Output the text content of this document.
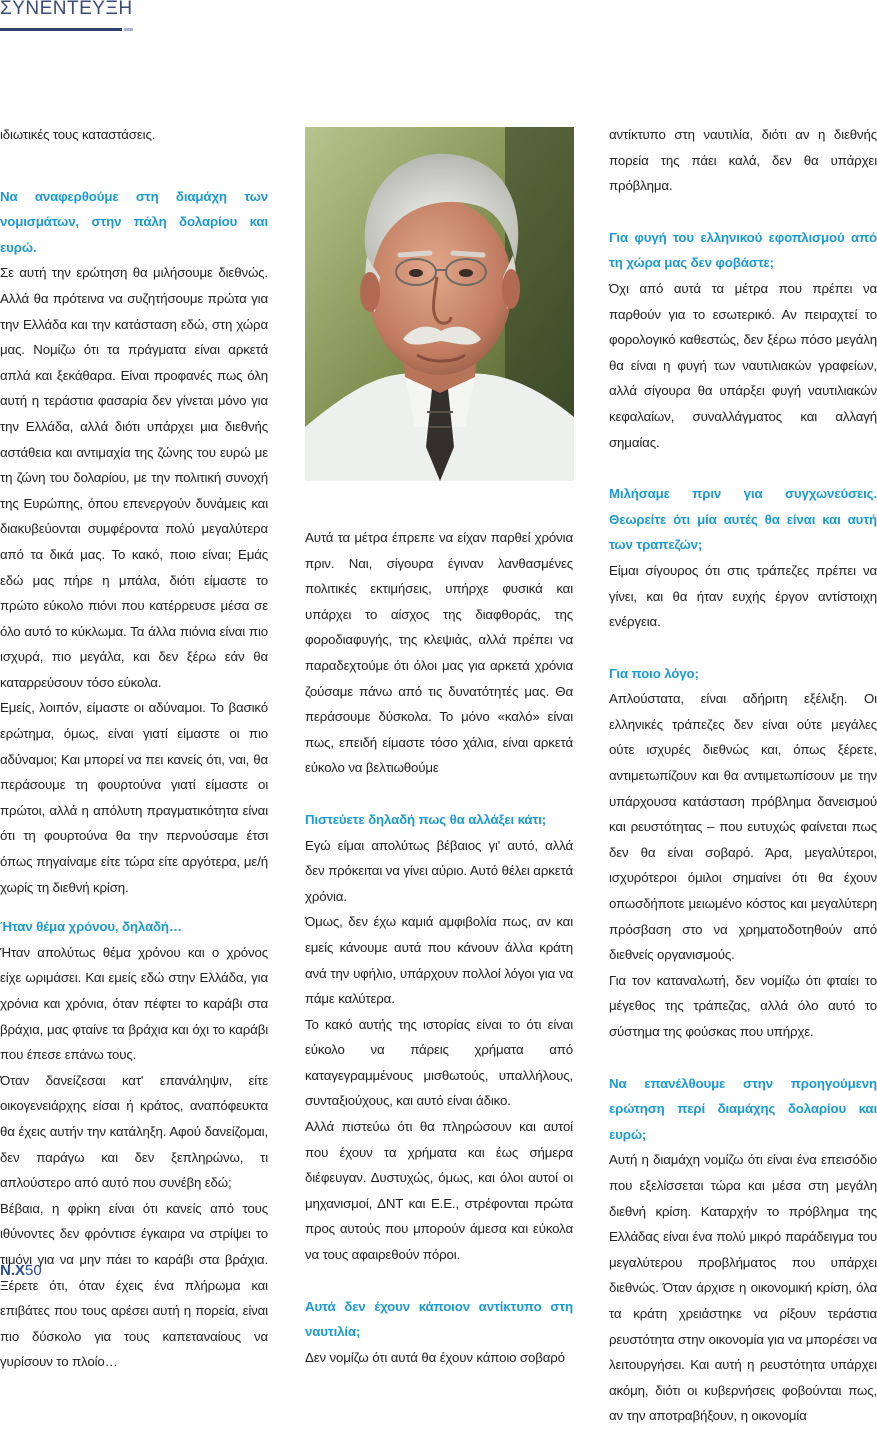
ΣΥΝΕΝΤΕΥΞΗ

ιδιωτικές τους καταστάσεις.

Να αναφερθούμε στη διαμάχη των νομισμάτων, στην πάλη δολαρίου και ευρώ.

Σε αυτή την ερώτηση θα μιλήσουμε διεθνώς. Αλλά θα πρότεινα να συζητήσουμε πρώτα για την Ελλάδα και την κατάσταση εδώ, στη χώρα μας. Νομίζω ότι τα πράγματα είναι αρκετά απλά και ξεκάθαρα. Είναι προφανές πως όλη αυτή η τεράστια φασαρία δεν γίνεται μόνο για την Ελλάδα, αλλά διότι υπάρχει μια διεθνής αστάθεια και αντιμαχία της ζώνης του ευρώ με τη ζώνη του δολαρίου, με την πολιτική συνοχή της Ευρώπης, όπου επενεργούν δυνάμεις και διακυβεύονται συμφέροντα πολύ μεγαλύτερα από τα δικά μας. Το κακό, ποιο είναι; Εμάς εδώ μας πήρε η μπάλα, διότι είμαστε το πρώτο εύκολο πιόνι που κατέρρευσε μέσα σε όλο αυτό το κύκλωμα. Τα άλλα πιόνια είναι πιο ισχυρά, πιο μεγάλα, και δεν ξέρω εάν θα καταρρεύσουν τόσο εύκολα.

Εμείς, λοιπόν, είμαστε οι αδύναμοι. Το βασικό ερώτημα, όμως, είναι γιατί είμαστε οι πιο αδύναμοι; Και μπορεί να πει κανείς ότι, ναι, θα περάσουμε τη φουρτούνα γιατί είμαστε οι πρώτοι, αλλά η απόλυτη πραγματικότητα είναι ότι τη φουρτούνα θα την περνούσαμε έτσι όπως πηγαίναμε είτε τώρα είτε αργότερα, με/ή χωρίς τη διεθνή κρίση.

Ήταν θέμα χρόνου, δηλαδή…

Ήταν απολύτως θέμα χρόνου και ο χρόνος είχε ωριμάσει. Και εμείς εδώ στην Ελλάδα, για χρόνια και χρόνια, όταν πέφτει το καράβι στα βράχια, μας φταίνε τα βράχια και όχι το καράβι που έπεσε επάνω τους.

Όταν δανείζεσαι κατ' επανάληψιν, είτε οικογενειάρχης είσαι ή κράτος, αναπόφευκτα θα έχεις αυτήν την κατάληξη. Αφού δανείζομαι, δεν παράγω και δεν ξεπληρώνω, τι απλούστερο από αυτό που συνέβη εδώ;

Βέβαια, η φρίκη είναι ότι κανείς από τους ιθύνοντες δεν φρόντισε έγκαιρα να στρίψει το τιμόνι για να μην πάει το καράβι στα βράχια. Ξέρετε ότι, όταν έχεις ένα πλήρωμα και επιβάτες που τους αρέσει αυτή η πορεία, είναι πιο δύσκολο για τους καπεταναίους να γυρίσουν το πλοίο…

Αυτά τα μέτρα έπρεπε να είχαν παρθεί χρόνια πριν. Ναι, σίγουρα έγιναν λανθασμένες πολιτικές εκτιμήσεις, υπήρχε φυσικά και υπάρχει το αίσχος της διαφθοράς, της φοροδιαφυγής, της κλεψιάς, αλλά πρέπει να παραδεχτούμε ότι όλοι μας για αρκετά χρόνια ζούσαμε πάνω από τις δυνατότητές μας. Θα περάσουμε δύσκολα. Το μόνο «καλό» είναι πως, επειδή είμαστε τόσο χάλια, είναι αρκετά εύκολο να βελτιωθούμε

Πιστεύετε δηλαδή πως θα αλλάξει κάτι;

Εγώ είμαι απολύτως βέβαιος γι' αυτό, αλλά δεν πρόκειται να γίνει αύριο. Αυτό θέλει αρκετά χρόνια.

Όμως, δεν έχω καμιά αμφιβολία πως, αν και εμείς κάνουμε αυτά που κάνουν άλλα κράτη ανά την υφήλιο, υπάρχουν πολλοί λόγοι για να πάμε καλύτερα.

Το κακό αυτής της ιστορίας είναι το ότι είναι εύκολο να πάρεις χρήματα από καταγεγραμμένους μισθωτούς, υπαλλήλους, συνταξιούχους, και αυτό είναι άδικο.

Αλλά πιστεύω ότι θα πληρώσουν και αυτοί που έχουν τα χρήματα και έως σήμερα διέφευγαν. Δυστυχώς, όμως, και όλοι αυτοί οι μηχανισμοί, ΔΝΤ και Ε.Ε., στρέφονται πρώτα προς αυτούς που μπορούν άμεσα και εύκολα να τους αφαιρεθούν πόροι.

Αυτά δεν έχουν κάποιον αντίκτυπο στη ναυτιλία;

Δεν νομίζω ότι αυτά θα έχουν κάποιο σοβαρό

αντίκτυπο στη ναυτιλία, διότι αν η διεθνής πορεία της πάει καλά, δεν θα υπάρχει πρόβλημα.

Για φυγή του ελληνικού εφοπλισμού από τη χώρα μας δεν φοβάστε;

Όχι από αυτά τα μέτρα που πρέπει να παρθούν για το εσωτερικό. Αν πειραχτεί το φορολογικό καθεστώς, δεν ξέρω πόσο μεγάλη θα είναι η φυγή των ναυτιλιακών γραφείων, αλλά σίγουρα θα υπάρξει φυγή ναυτιλιακών κεφαλαίων, συναλλάγματος και αλλαγή σημαίας.

Μιλήσαμε πριν για συγχωνεύσεις. Θεωρείτε ότι μία αυτές θα είναι και αυτή των τραπεζών;

Είμαι σίγουρος ότι στις τράπεζες πρέπει να γίνει, και θα ήταν ευχής έργον αντίστοιχη ενέργεια.

Για ποιο λόγο;

Απλούστατα, είναι αδήριτη εξέλιξη. Οι ελληνικές τράπεζες δεν είναι ούτε μεγάλες ούτε ισχυρές διεθνώς και, όπως ξέρετε, αντιμετωπίζουν και θα αντιμετωπίσουν με την υπάρχουσα κατάσταση πρόβλημα δανεισμού και ρευστότητας – που ευτυχώς φαίνεται πως δεν θα είναι σοβαρό. Άρα, μεγαλύτεροι, ισχυρότεροι όμιλοι σημαίνει ότι θα έχουν οπωσδήποτε μειωμένο κόστος και μεγαλύτερη πρόσβαση στο να χρηματοδοτηθούν από διεθνείς οργανισμούς.

Για τον καταναλωτή, δεν νομίζω ότι φταίει το μέγεθος της τράπεζας, αλλά όλο αυτό το σύστημα της φούσκας που υπήρχε.

Να επανέλθουμε στην προηγούμενη ερώτηση περί διαμάχης δολαρίου και ευρώ;

Αυτή η διαμάχη νομίζω ότι είναι ένα επεισόδιο που εξελίσσεται τώρα και μέσα στη μεγάλη διεθνή κρίση. Καταρχήν το πρόβλημα της Ελλάδας είναι ένα πολύ μικρό παράδειγμα του μεγαλύτερου προβλήματος που υπάρχει διεθνώς. Όταν άρχισε η οικονομική κρίση, όλα τα κράτη χρειάστηκε να ρίξουν τεράστια ρευστότητα στην οικονομία για να μπορέσει να λειτουργήσει. Και αυτή η ρευστότητα υπάρχει ακόμη, διότι οι κυβερνήσεις φοβούνται πως, αν την αποτραβήξουν, η οικονομία

N.X50
